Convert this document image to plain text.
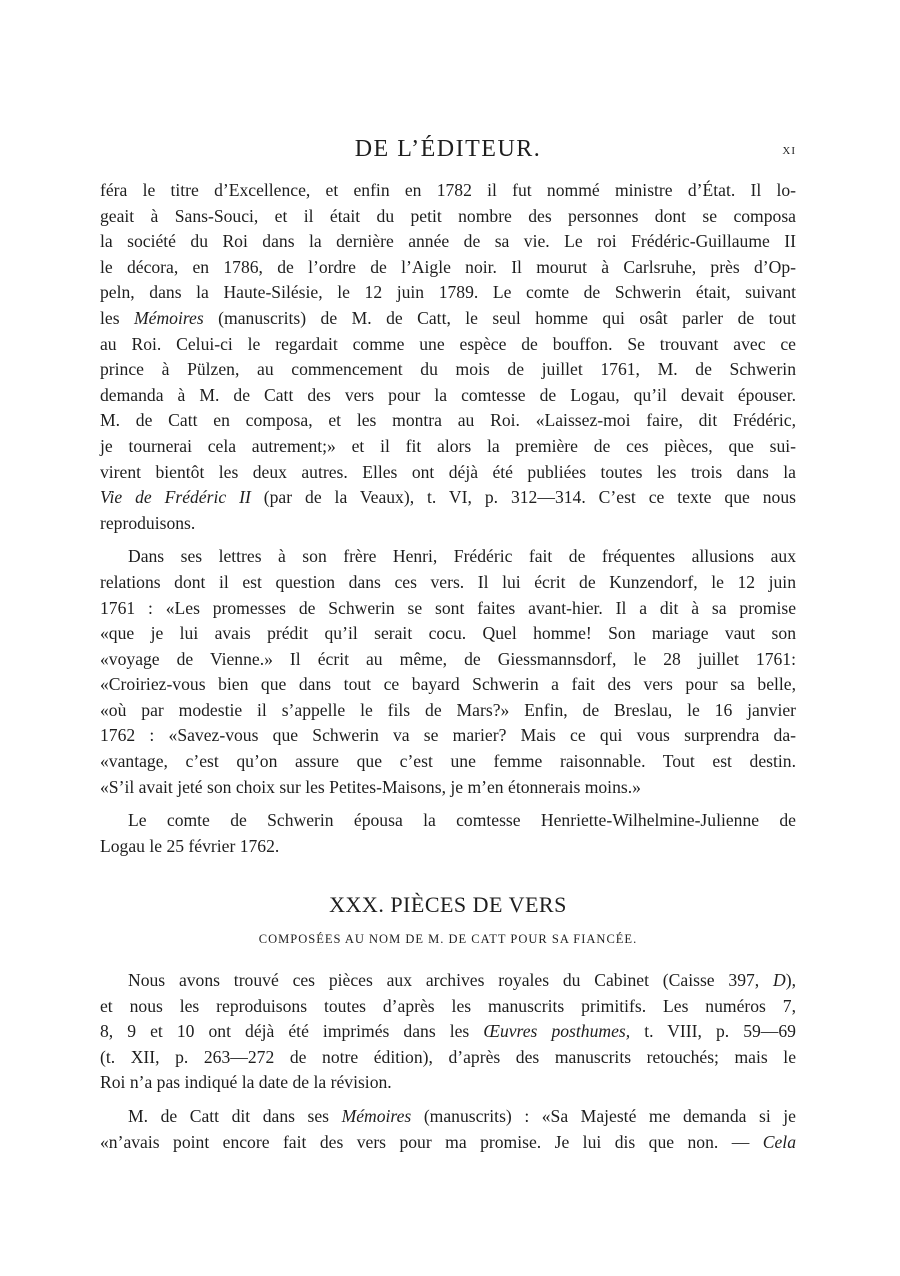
DE L’ÉDITEUR.	xi
féra le titre d’Excellence, et enfin en 1782 il fut nommé ministre d’État. Il lo-
geait à Sans-Souci, et il était du petit nombre des personnes dont se composa
la société du Roi dans la dernière année de sa vie. Le roi Frédéric-Guillaume II
le décora, en 1786, de l’ordre de l’Aigle noir. Il mourut à Carlsruhe, près d’Op-
peln, dans la Haute-Silésie, le 12 juin 1789. Le comte de Schwerin était, suivant
les Mémoires (manuscrits) de M. de Catt, le seul homme qui osât parler de tout
au Roi. Celui-ci le regardait comme une espèce de bouffon. Se trouvant avec ce
prince à Pülzen, au commencement du mois de juillet 1761, M. de Schwerin
demanda à M. de Catt des vers pour la comtesse de Logau, qu’il devait épouser.
M. de Catt en composa, et les montra au Roi. «Laissez-moi faire, dit Frédéric,
je tournerai cela autrement;» et il fit alors la première de ces pièces, que sui-
virent bientôt les deux autres. Elles ont déjà été publiées toutes les trois dans la
Vie de Frédéric II (par de la Veaux), t. VI, p. 312—314. C’est ce texte que nous
reproduisons.
Dans ses lettres à son frère Henri, Frédéric fait de fréquentes allusions aux
relations dont il est question dans ces vers. Il lui écrit de Kunzendorf, le 12 juin
1761 : «Les promesses de Schwerin se sont faites avant-hier. Il a dit à sa promise
«que je lui avais prédit qu’il serait cocu. Quel homme! Son mariage vaut son
«voyage de Vienne.» Il écrit au même, de Giessmannsdorf, le 28 juillet 1761:
«Croiriez-vous bien que dans tout ce bayard Schwerin a fait des vers pour sa belle,
«où par modestie il s’appelle le fils de Mars?» Enfin, de Breslau, le 16 janvier
1762 : «Savez-vous que Schwerin va se marier? Mais ce qui vous surprendra da-
«vantage, c’est qu’on assure que c’est une femme raisonnable. Tout est destin.
«S’il avait jeté son choix sur les Petites-Maisons, je m’en étonnerais moins.»
Le comte de Schwerin épousa la comtesse Henriette-Wilhelmine-Julienne de
Logau le 25 février 1762.
XXX. PIÈCES DE VERS
COMPOSÉES AU NOM DE M. DE CATT POUR SA FIANCÉE.
Nous avons trouvé ces pièces aux archives royales du Cabinet (Caisse 397, D),
et nous les reproduisons toutes d’après les manuscrits primitifs. Les numéros 7,
8, 9 et 10 ont déjà été imprimés dans les Œuvres posthumes, t. VIII, p. 59—69
(t. XII, p. 263—272 de notre édition), d’après des manuscrits retouchés; mais le
Roi n’a pas indiqué la date de la révision.
M. de Catt dit dans ses Mémoires (manuscrits) : «Sa Majesté me demanda si je
«n’avais point encore fait des vers pour ma promise. Je lui dis que non. — Cela
